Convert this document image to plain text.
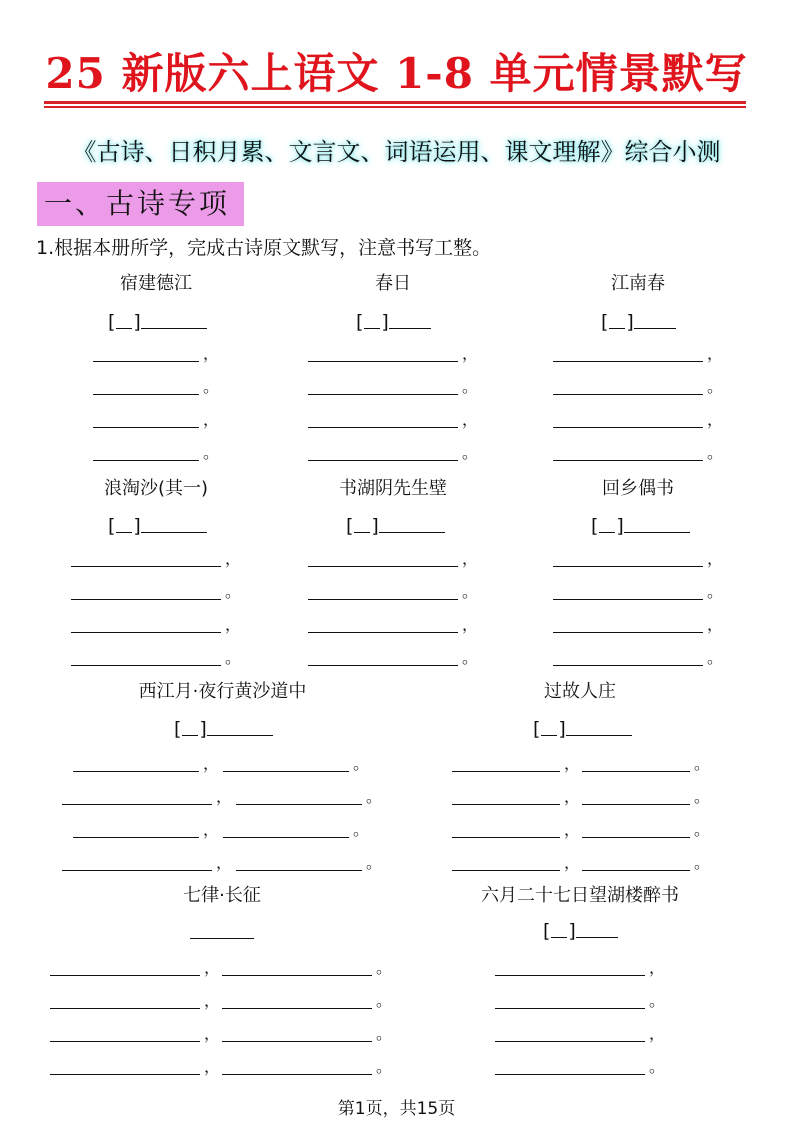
25 新版六上语文 1-8 单元情景默写
《古诗、日积月累、文言文、词语运用、课文理解》综合小测
一、古诗专项
1.根据本册所学，完成古诗原文默写，注意书写工整。
宿建德江
[ ]
，
。
，
。
春日
[ ]
，
。
，
。
江南春
[ ]
，
。
，
。
浪淘沙(其一)
[ ]
，
。
，
。
书湖阴先生壁
[ ]
，
。
，
。
回乡偶书
[ ]
，
。
，
。
西江月·夜行黄沙道中
[ ]
，	。
，	。
，	。
，	。
过故人庄
[ ]
，	。
，	。
，	。
，	。
七律·长征
，	。
，	。
，	。
，	。
六月二十七日望湖楼醉书
[ ]
，
。
，
。
第1页，共15页
